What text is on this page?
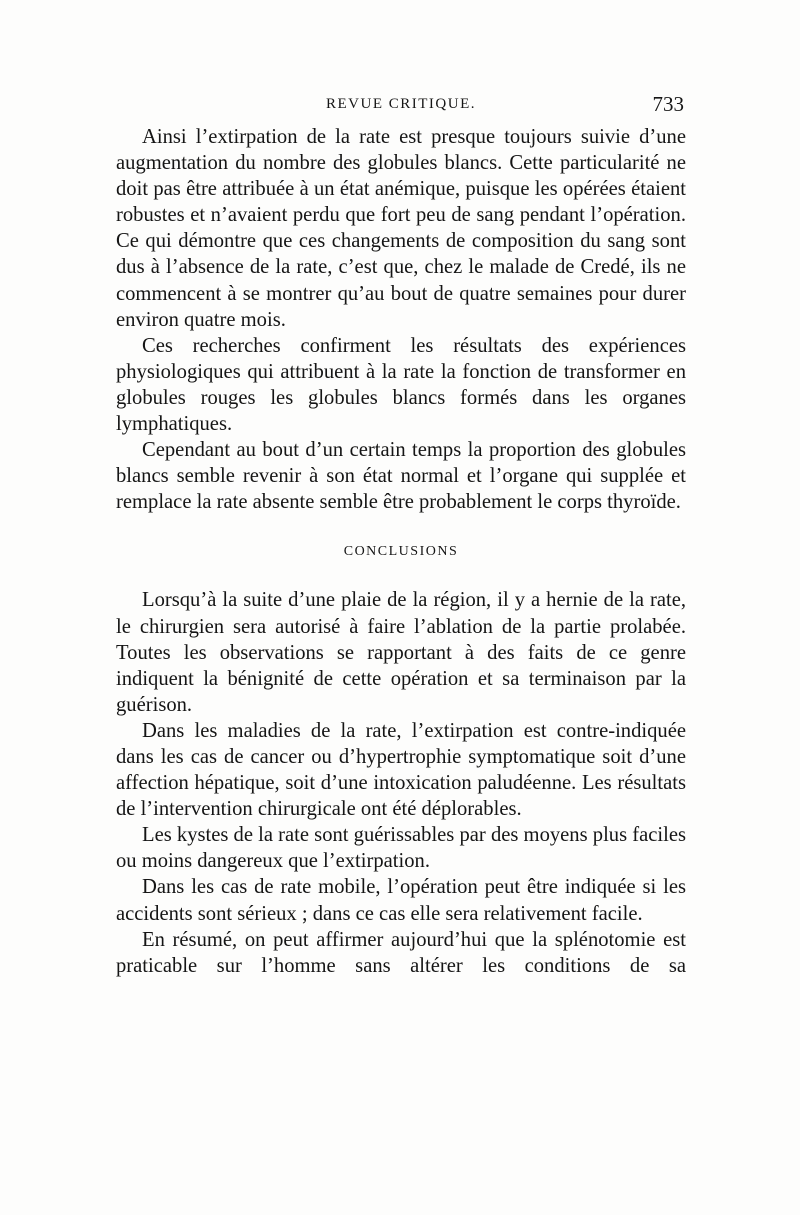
REVUE CRITIQUE.	733

Ainsi l’extirpation de la rate est presque toujours suivie d’une augmentation du nombre des globules blancs. Cette particularité ne doit pas être attribuée à un état anémique, puisque les opérées étaient robustes et n’avaient perdu que fort peu de sang pendant l’opération. Ce qui démontre que ces changements de composition du sang sont dus à l’absence de la rate, c’est que, chez le malade de Credé, ils ne commencent à se montrer qu’au bout de quatre semaines pour durer environ quatre mois.

Ces recherches confirment les résultats des expériences physiologiques qui attribuent à la rate la fonction de transformer en globules rouges les globules blancs formés dans les organes lymphatiques.

Cependant au bout d’un certain temps la proportion des globules blancs semble revenir à son état normal et l’organe qui supplée et remplace la rate absente semble être probablement le corps thyroïde.

CONCLUSIONS

Lorsqu’à la suite d’une plaie de la région, il y a hernie de la rate, le chirurgien sera autorisé à faire l’ablation de la partie prolabée. Toutes les observations se rapportant à des faits de ce genre indiquent la bénignité de cette opération et sa terminaison par la guérison.

Dans les maladies de la rate, l’extirpation est contre-indiquée dans les cas de cancer ou d’hypertrophie symptomatique soit d’une affection hépatique, soit d’une intoxication paludéenne. Les résultats de l’intervention chirurgicale ont été déplorables.

Les kystes de la rate sont guérissables par des moyens plus faciles ou moins dangereux que l’extirpation.

Dans les cas de rate mobile, l’opération peut être indiquée si les accidents sont sérieux ; dans ce cas elle sera relativement facile.

En résumé, on peut affirmer aujourd’hui que la splénotomie est praticable sur l’homme sans altérer les conditions de sa
